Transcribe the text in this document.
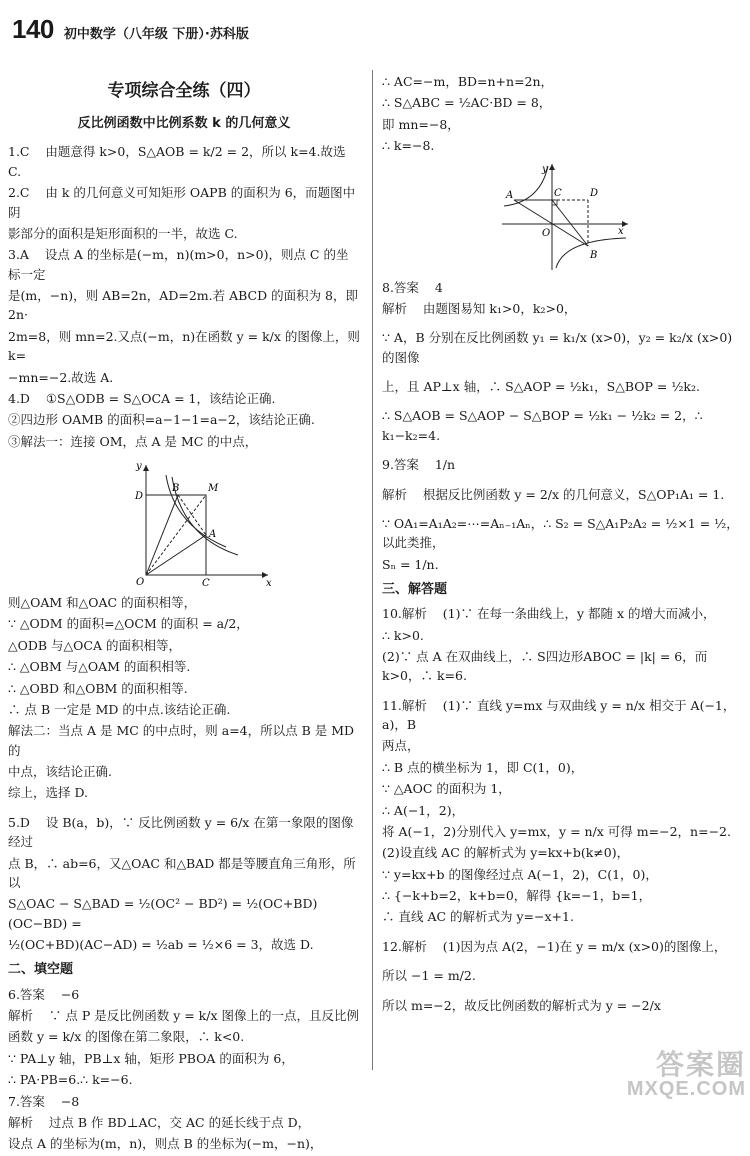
140 初中数学（八年级 下册）·苏科版
专项综合全练（四）
反比例函数中比例系数 k 的几何意义
1.C    由题意得 k>0，S△AOB = k/2 = 2，所以 k=4.故选 C.
2.C    由 k 的几何意义可知矩形 OAPB 的面积为 6，而题图中阴
影部分的面积是矩形面积的一半，故选 C.
3.A    设点 A 的坐标是(−m，n)(m>0，n>0)，则点 C 的坐标一定
是(m，−n)，则 AB=2n，AD=2m.若 ABCD 的面积为 8，即 2n·
2m=8，则 mn=2.又点(−m，n)在函数 y = k/x 的图像上，则 k=
−mn=−2.故选 A.
4.D    ①S△ODB = S△OCA = 1，该结论正确.
②四边形 OAMB 的面积=a−1−1=a−2，该结论正确.
③解法一：连接 OM，点 A 是 MC 的中点，
y
D
B	M
A
O	C	x
则△OAM 和△OAC 的面积相等，
∵ △ODM 的面积=△OCM 的面积 = a/2，
△ODB 与△OCA 的面积相等，
∴ △OBM 与△OAM 的面积相等.
∴ △OBD 和△OBM 的面积相等.
∴ 点 B 一定是 MD 的中点.该结论正确.
解法二：当点 A 是 MC 的中点时，则 a=4，所以点 B 是 MD 的
中点，该结论正确.
综上，选择 D.
5.D    设 B(a，b)，∵ 反比例函数 y = 6/x 在第一象限的图像经过
点 B，∴ ab=6，又△OAC 和△BAD 都是等腰直角三角形，所以
S△OAC − S△BAD = ½(OC² − BD²) = ½(OC+BD)(OC−BD) =
½(OC+BD)(AC−AD) = ½ab = ½×6 = 3，故选 D.
二、填空题
6.答案    −6
解析    ∵ 点 P 是反比例函数 y = k/x 图像上的一点，且反比例
函数 y = k/x 的图像在第二象限，∴ k<0.
∵ PA⊥y 轴，PB⊥x 轴，矩形 PBOA 的面积为 6，
∴ PA·PB=6.∴ k=−6.
7.答案    −8
解析    过点 B 作 BD⊥AC，交 AC 的延长线于点 D，
设点 A 的坐标为(m，n)，则点 B 的坐标为(−m，−n)，
∴ AC=−m，BD=n+n=2n，
∴ S△ABC = ½AC·BD = 8，
即 mn=−8，
∴ k=−8.
y
A	C	D
O	x
B
8.答案    4
解析    由题图易知 k₁>0，k₂>0，
∵ A，B 分别在反比例函数 y₁ = k₁/x (x>0)，y₂ = k₂/x (x>0) 的图像
上，且 AP⊥x 轴，∴ S△AOP = ½k₁，S△BOP = ½k₂.
∴ S△AOB = S△AOP − S△BOP = ½k₁ − ½k₂ = 2，∴ k₁−k₂=4.
9.答案    1/n
解析    根据反比例函数 y = 2/x 的几何意义，S△OP₁A₁ = 1.
∵ OA₁=A₁A₂=⋯=Aₙ₋₁Aₙ，∴ S₂ = S△A₁P₂A₂ = ½×1 = ½，以此类推，
Sₙ = 1/n.
三、解答题
10.解析    (1)∵ 在每一条曲线上，y 都随 x 的增大而减小，
∴ k>0.
(2)∵ 点 A 在双曲线上，∴ S四边形ABOC = |k| = 6，而 k>0，∴ k=6.
11.解析    (1)∵ 直线 y=mx 与双曲线 y = n/x 相交于 A(−1，a)，B
两点，
∴ B 点的横坐标为 1，即 C(1，0)，
∵ △AOC 的面积为 1，
∴ A(−1，2)，
将 A(−1，2)分别代入 y=mx，y = n/x 可得 m=−2，n=−2.
(2)设直线 AC 的解析式为 y=kx+b(k≠0)，
∵ y=kx+b 的图像经过点 A(−1，2)，C(1，0)，
∴ {−k+b=2，k+b=0，解得 {k=−1，b=1，
∴ 直线 AC 的解析式为 y=−x+1.
12.解析    (1)因为点 A(2，−1)在 y = m/x (x>0)的图像上，
所以 −1 = m/2.
所以 m=−2，故反比例函数的解析式为 y = −2/x
答案圈
MXQE.COM
